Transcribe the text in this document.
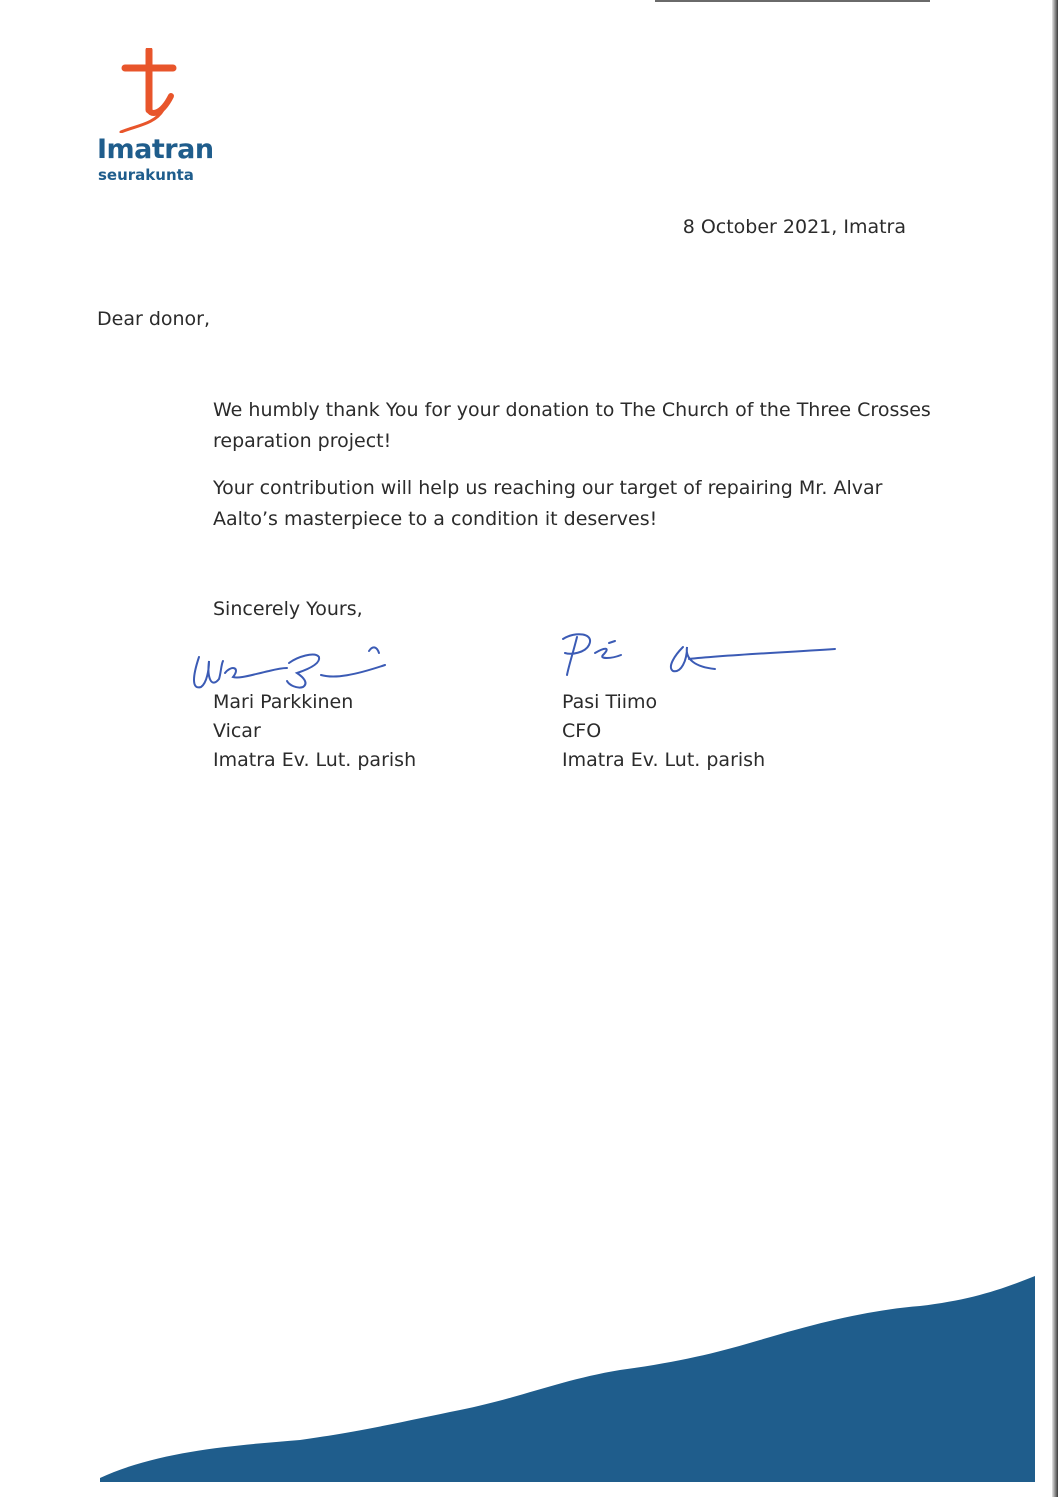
Imatran
seurakunta
8 October 2021, Imatra
Dear donor,
We humbly thank You for your donation to The Church of the Three Crosses reparation project!
Your contribution will help us reaching our target of repairing Mr. Alvar Aalto’s masterpiece to a condition it deserves!
Sincerely Yours,
Mari Parkkinen
Vicar
Imatra Ev. Lut. parish
Pasi Tiimo
CFO
Imatra Ev. Lut. parish
